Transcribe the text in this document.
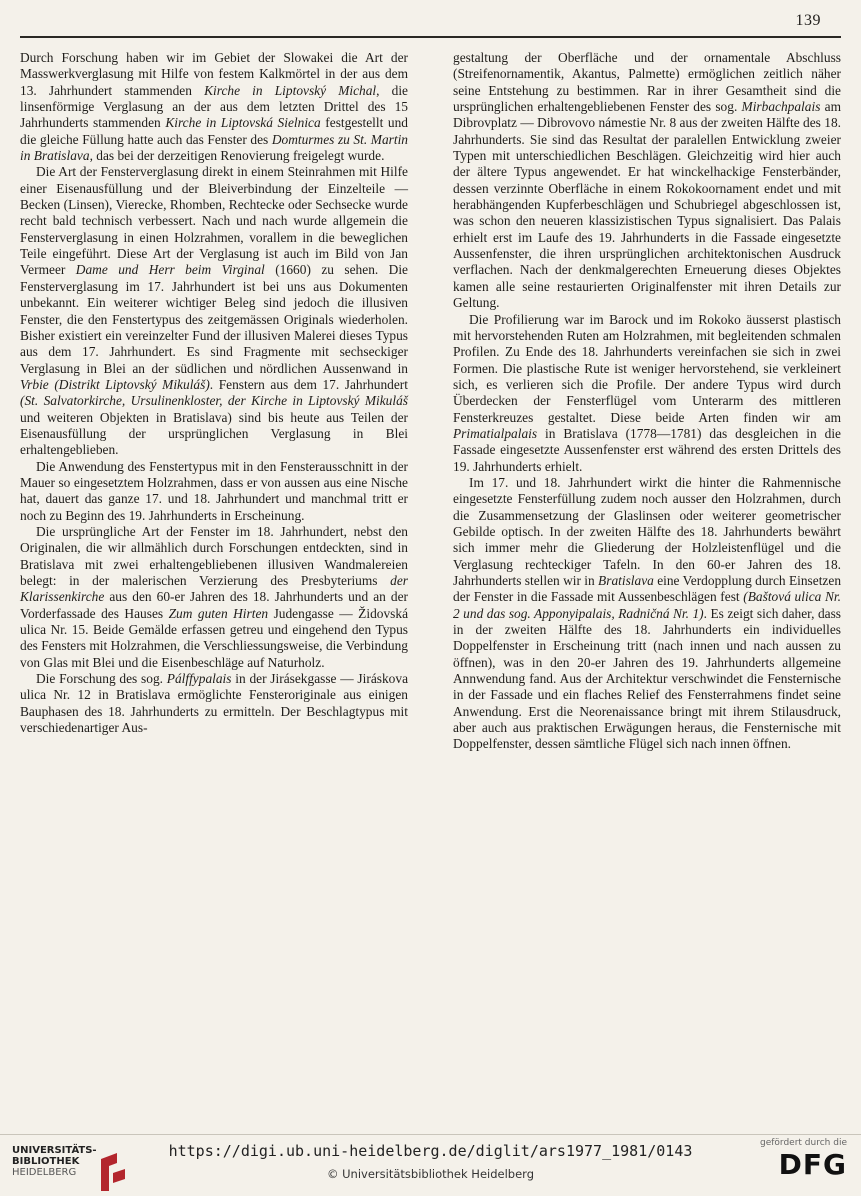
139

Durch Forschung haben wir im Gebiet der Slowakei die Art der Masswerkverglasung mit Hilfe von festem Kalkmörtel in der aus dem 13. Jahrhundert stammenden Kirche in Liptovský Michal, die linsenförmige Verglasung an der aus dem letzten Drittel des 15 Jahrhunderts stammenden Kirche in Liptovská Sielnica festgestellt und die gleiche Füllung hatte auch das Fenster des Domturmes zu St. Martin in Bratislava, das bei der derzeitigen Renovierung freigelegt wurde.

Die Art der Fensterverglasung direkt in einem Steinrahmen mit Hilfe einer Eisenausfüllung und der Bleiverbindung der Einzelteile — Becken (Linsen), Vierecke, Rhomben, Rechtecke oder Sechsecke wurde recht bald technisch verbessert. Nach und nach wurde allgemein die Fensterverglasung in einen Holzrahmen, vorallem in die beweglichen Teile eingeführt. Diese Art der Verglasung ist auch im Bild von Jan Vermeer Dame und Herr beim Virginal (1660) zu sehen. Die Fensterverglasung im 17. Jahrhundert ist bei uns aus Dokumenten unbekannt. Ein weiterer wichtiger Beleg sind jedoch die illusiven Fenster, die den Fenstertypus des zeitgemässen Originals wiederholen. Bisher existiert ein vereinzelter Fund der illusiven Malerei dieses Typus aus dem 17. Jahrhundert. Es sind Fragmente mit sechseckiger Verglasung in Blei an der südlichen und nördlichen Aussenwand in Vrbie (Distrikt Liptovský Mikuláš). Fenstern aus dem 17. Jahrhundert (St. Salvatorkirche, Ursulinenkloster, der Kirche in Liptovský Mikuláš und weiteren Objekten in Bratislava) sind bis heute aus Teilen der Eisenausfüllung der ursprünglichen Verglasung in Blei erhaltengeblieben.

Die Anwendung des Fenstertypus mit in den Fensterausschnitt in der Mauer so eingesetztem Holzrahmen, dass er von aussen aus eine Nische hat, dauert das ganze 17. und 18. Jahrhundert und manchmal tritt er noch zu Beginn des 19. Jahrhunderts in Erscheinung.

Die ursprüngliche Art der Fenster im 18. Jahrhundert, nebst den Originalen, die wir allmählich durch Forschungen entdeckten, sind in Bratislava mit zwei erhaltengebliebenen illusiven Wandmalereien belegt: in der malerischen Verzierung des Presbyteriums der Klarissenkirche aus den 60-er Jahren des 18. Jahrhunderts und an der Vorderfassade des Hauses Zum guten Hirten Judengasse — Židovská ulica Nr. 15. Beide Gemälde erfassen getreu und eingehend den Typus des Fensters mit Holzrahmen, die Verschliessungsweise, die Verbindung von Glas mit Blei und die Eisenbeschläge auf Naturholz.

Die Forschung des sog. Pálffypalais in der Jirásekgasse — Jiráskova ulica Nr. 12 in Bratislava ermöglichte Fensteroriginale aus einigen Bauphasen des 18. Jahrhunderts zu ermitteln. Der Beschlagtypus mit verschiedenartiger Aus-

gestaltung der Oberfläche und der ornamentale Abschluss (Streifenornamentik, Akantus, Palmette) ermöglichen zeitlich näher seine Entstehung zu bestimmen. Rar in ihrer Gesamtheit sind die ursprünglichen erhaltengebliebenen Fenster des sog. Mirbachpalais am Dibrovplatz — Dibrovovo námestie Nr. 8 aus der zweiten Hälfte des 18. Jahrhunderts. Sie sind das Resultat der paralellen Entwicklung zweier Typen mit unterschiedlichen Beschlägen. Gleichzeitig wird hier auch der ältere Typus angewendet. Er hat winckelhackige Fensterbänder, dessen verzinnte Oberfläche in einem Rokokoornament endet und mit herabhängenden Kupferbeschlägen und Schubriegel abgeschlossen ist, was schon den neueren klassizistischen Typus signalisiert. Das Palais erhielt erst im Laufe des 19. Jahrhunderts in die Fassade eingesetzte Aussenfenster, die ihren ursprünglichen architektonischen Ausdruck verflachen. Nach der denkmalgerechten Erneuerung dieses Objektes kamen alle seine restaurierten Originalfenster mit ihren Details zur Geltung.

Die Profilierung war im Barock und im Rokoko äusserst plastisch mit hervorstehenden Ruten am Holzrahmen, mit begleitenden schmalen Profilen. Zu Ende des 18. Jahrhunderts vereinfachen sie sich in zwei Formen. Die plastische Rute ist weniger hervorstehend, sie verkleinert sich, es verlieren sich die Profile. Der andere Typus wird durch Überdecken der Fensterflügel vom Unterarm des mittleren Fensterkreuzes gestaltet. Diese beide Arten finden wir am Primatialpalais in Bratislava (1778—1781) das desgleichen in die Fassade eingesetzte Aussenfenster erst während des ersten Drittels des 19. Jahrhunderts erhielt.

Im 17. und 18. Jahrhundert wirkt die hinter die Rahmennische eingesetzte Fensterfüllung zudem noch ausser den Holzrahmen, durch die Zusammensetzung der Glaslinsen oder weiterer geometrischer Gebilde optisch. In der zweiten Hälfte des 18. Jahrhunderts bewährt sich immer mehr die Gliederung der Holzleistenflügel und die Verglasung rechteckiger Tafeln. In den 60-er Jahren des 18. Jahrhunderts stellen wir in Bratislava eine Verdopplung durch Einsetzen der Fenster in die Fassade mit Aussenbeschlägen fest (Baštová ulica Nr. 2 und das sog. Apponyipalais, Radničná Nr. 1). Es zeigt sich daher, dass in der zweiten Hälfte des 18. Jahrhunderts ein individuelles Doppelfenster in Erscheinung tritt (nach innen und nach aussen zu öffnen), was in den 20-er Jahren des 19. Jahrhunderts allgemeine Annwendung fand. Aus der Architektur verschwindet die Fensternische in der Fassade und ein flaches Relief des Fensterrahmens findet seine Anwendung. Erst die Neorenaissance bringt mit ihrem Stilausdruck, aber auch aus praktischen Erwägungen heraus, die Fensternische mit Doppelfenster, dessen sämtliche Flügel sich nach innen öffnen.

UNIVERSITÄTS-
BIBLIOTHEK
HEIDELBERG
https://digi.ub.uni-heidelberg.de/diglit/ars1977_1981/0143
© Universitätsbibliothek Heidelberg
gefördert durch die
DFG
